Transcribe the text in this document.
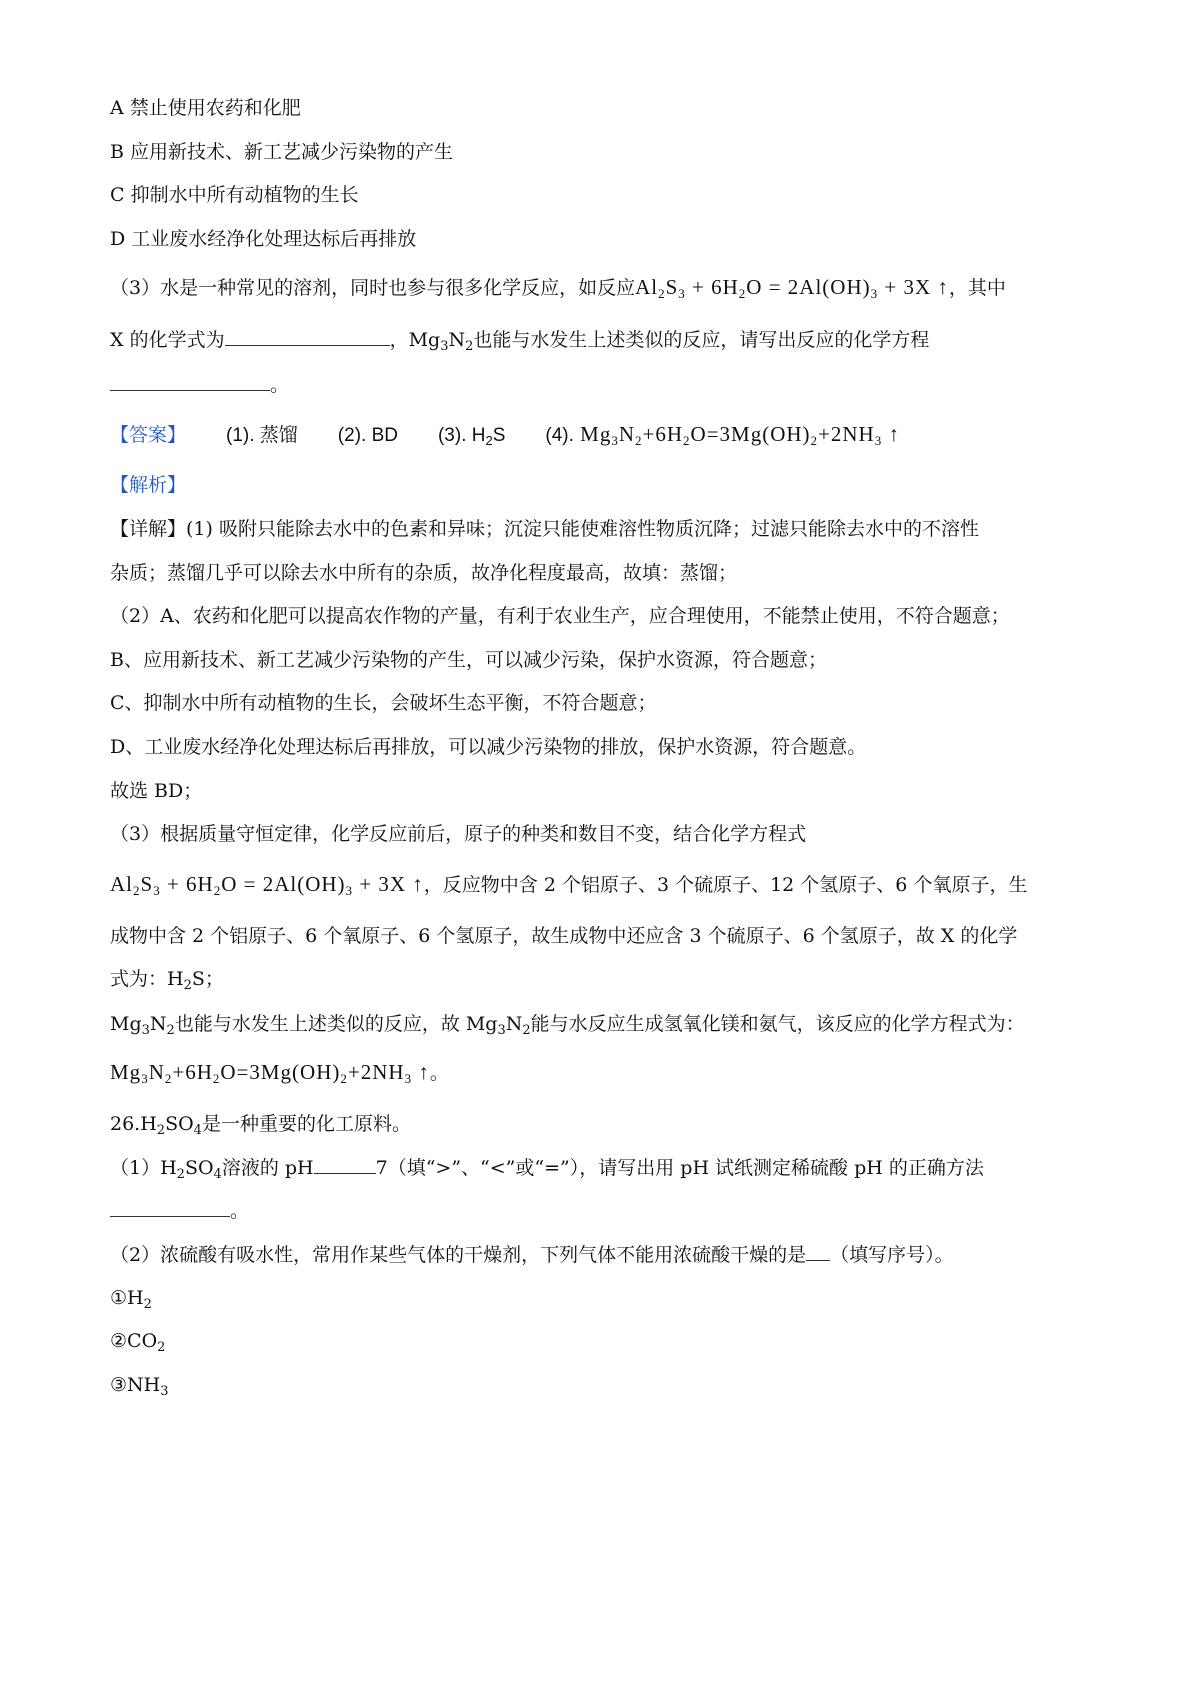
A 禁止使用农药和化肥
B 应用新技术、新工艺减少污染物的产生
C 抑制水中所有动植物的生长
D 工业废水经净化处理达标后再排放
（3）水是一种常见的溶剂，同时也参与很多化学反应，如反应$Al_2S_3 + 6H_2O = 2Al(OH)_3 + 3X$ ↑，其中
X 的化学式为	，$Mg_3N_2$也能与水发生上述类似的反应，请写出反应的化学方程
。
【答案】 (1). 蒸馏 (2). BD (3). $H_2S$ (4). $Mg_3N_2+6H_2O=3Mg(OH)_2+2NH_3$ ↑
【解析】
【详解】(1) 吸附只能除去水中的色素和异味；沉淀只能使难溶性物质沉降；过滤只能除去水中的不溶性
杂质；蒸馏几乎可以除去水中所有的杂质，故净化程度最高，故填：蒸馏；
（2）A、农药和化肥可以提高农作物的产量，有利于农业生产，应合理使用，不能禁止使用，不符合题意；
B、应用新技术、新工艺减少污染物的产生，可以减少污染，保护水资源，符合题意；
C、抑制水中所有动植物的生长，会破坏生态平衡，不符合题意；
D、工业废水经净化处理达标后再排放，可以减少污染物的排放，保护水资源，符合题意。
故选 BD；
（3）根据质量守恒定律，化学反应前后，原子的种类和数目不变，结合化学方程式
$Al_2S_3 + 6H_2O = 2Al(OH)_3 + 3X$ ↑，反应物中含 2 个铝原子、3 个硫原子、12 个氢原子、6 个氧原子，生
成物中含 2 个铝原子、6 个氧原子、6 个氢原子，故生成物中还应含 3 个硫原子、6 个氢原子，故 X 的化学
式为：$H_2S$；
$Mg_3N_2$也能与水发生上述类似的反应，故 $Mg_3N_2$能与水反应生成氢氧化镁和氨气，该反应的化学方程式为：
$Mg_3N_2+6H_2O=3Mg(OH)_2+2NH_3$ ↑。
$26.H_2SO_4$是一种重要的化工原料。
$(1)H_2SO_4$溶液的 pH	7（填“>”、“<”或“=”），请写出用 pH 试纸测定稀硫酸 pH 的正确方法
。
（2）浓硫酸有吸水性，常用作某些气体的干燥剂，下列气体不能用浓硫酸干燥的是 （填写序号）。
$①H_2$
$②CO_2$
$③NH_3$
